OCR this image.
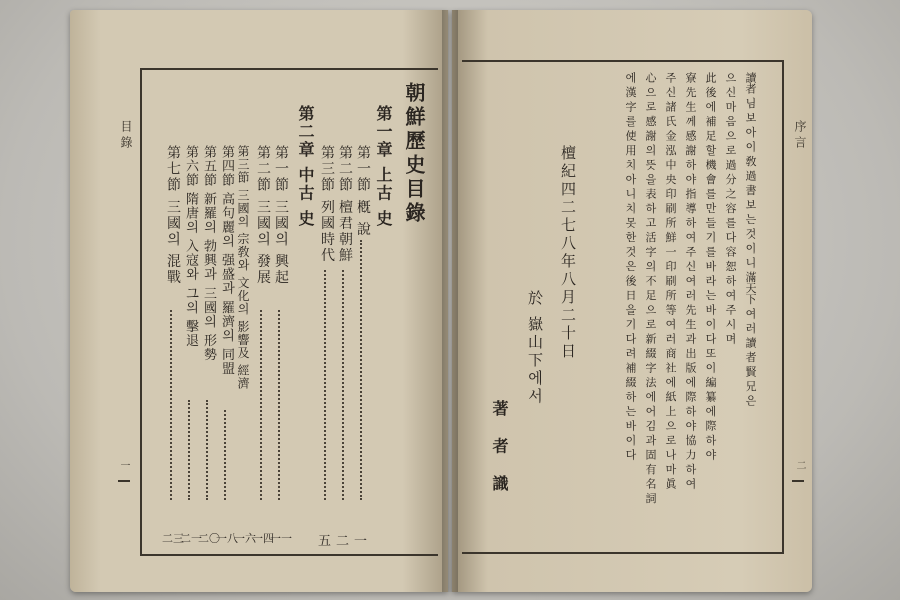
目 錄
一
朝鮮歷史目錄
第一章 上古 史
第一節 槪 說
一
第二節 檀君朝鮮
二
第三節 列國時代
五
第二章 中古 史
第一節 三國의 興起
一一
第二節 三國의 發展
一四
第三節 三國의 宗敎와 文化의 影響及 經濟
一六
第四節 高句麗의 强盛과 羅濟의 同盟
一八
第五節 新羅의 勃興과 三國의 形勢
二〇
第六節 隋唐의 入寇와 그의 擊退
二一
第七節 三國의 混戰
二三
序 言
二
讀者 님 보 아 이 敎 過 書 보 는 것 이 니 滿天下 여 러 讀 者 賢 兄 은
으 신 마 음 으 로 過 分 之 容 를 다 容 恕 하 여 주 시 며
此 後 에 補 足 할 機 會 를 만 들 기 를 바 라 는 바 이 다 또 이 編 纂 에 際 하 야
寮 先 生 께 感 謝 하 야 指 導 하 여 주 신 여 러 先 生 과 出 版 에 際 하 야 協 力 하 여
주 신 諸 氏 金 泓 中 央 印 刷 所 鮮 一 印 刷 所 等 여 러 商 社 에 紙 上 으 로 나 마 眞
心 으 로 感 謝 의 뜻 을 表 하 고 活 字 의 不 足 으 로 新 綴 字 法 에 어 김 과 固 有 名 詞
에 漢 字 를 使 用 치 아 니 치 못 한 것 은 後 日 을 기 다 려 補 綴 하 는 바 이 다
檀紀四二七八年八月二十日
於 嶽山下에서
著 者 識
